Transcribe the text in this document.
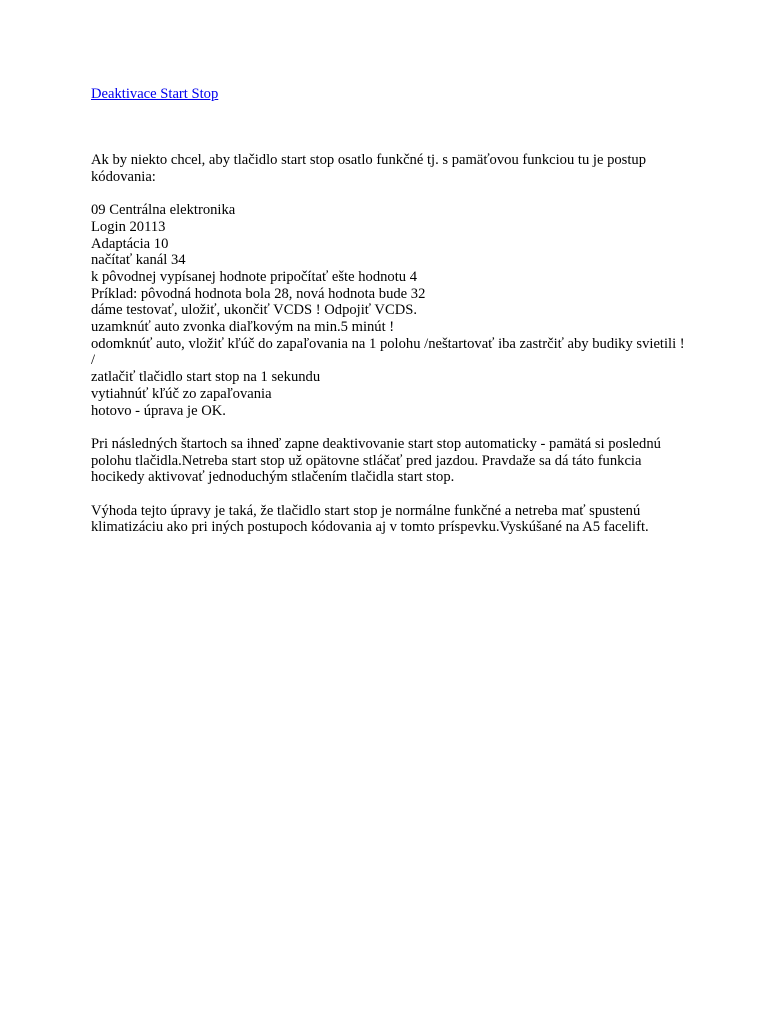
Deaktivace Start Stop

Ak by niekto chcel, aby tlačidlo start stop osatlo funkčné tj. s pamäťovou funkciou tu je postup kódovania:

09 Centrálna elektronika
Login 20113
Adaptácia 10
načítať kanál 34
k pôvodnej vypísanej hodnote pripočítať ešte hodnotu 4
Príklad: pôvodná hodnota bola 28, nová hodnota bude 32
dáme testovať, uložiť, ukončiť VCDS ! Odpojiť VCDS.
uzamknúť auto zvonka diaľkovým na min.5 minút !
odomknúť auto, vložiť kľúč do zapaľovania na 1 polohu /neštartovať iba zastrčiť aby budiky svietili ! /
zatlačiť tlačidlo start stop na 1 sekundu
vytiahnúť kľúč zo zapaľovania
hotovo - úprava je OK.

Pri následných štartoch sa ihneď zapne deaktivovanie start stop automaticky - pamätá si poslednú polohu tlačidla.Netreba start stop už opätovne stláčať pred jazdou. Pravdaže sa dá táto funkcia hocikedy aktivovať jednoduchým stlačením tlačidla start stop.

Výhoda tejto úpravy je taká, že tlačidlo start stop je normálne funkčné a netreba mať spustenú klimatizáciu ako pri iných postupoch kódovania aj v tomto príspevku.Vyskúšané na A5 facelift.
